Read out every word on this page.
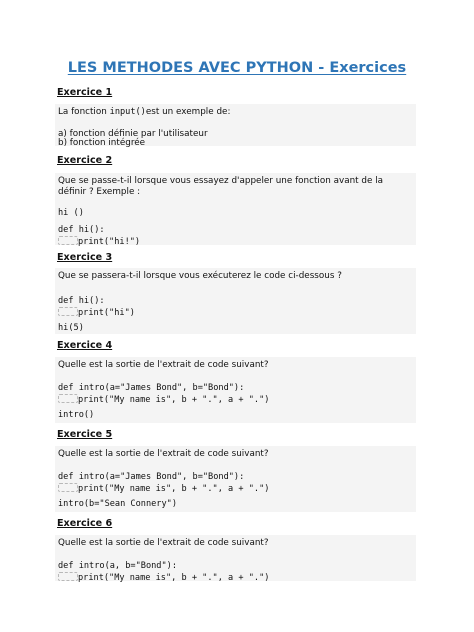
LES METHODES AVEC PYTHON - Exercices
Exercice 1
La fonction input()est un exemple de:
a) fonction définie par l'utilisateur
b) fonction intégrée
Exercice 2
Que se passe-t-il lorsque vous essayez d'appeler une fonction avant de la
définir ? Exemple :
hi ()
def hi():
print("hi!")
Exercice 3
Que se passera-t-il lorsque vous exécuterez le code ci-dessous ?
def hi():
print("hi")
hi(5)
Exercice 4
Quelle est la sortie de l'extrait de code suivant?
def intro(a="James Bond", b="Bond"):
print("My name is", b + ".", a + ".")
intro()
Exercice 5
Quelle est la sortie de l'extrait de code suivant?
def intro(a="James Bond", b="Bond"):
print("My name is", b + ".", a + ".")
intro(b="Sean Connery")
Exercice 6
Quelle est la sortie de l'extrait de code suivant?
def intro(a, b="Bond"):
print("My name is", b + ".", a + ".")
